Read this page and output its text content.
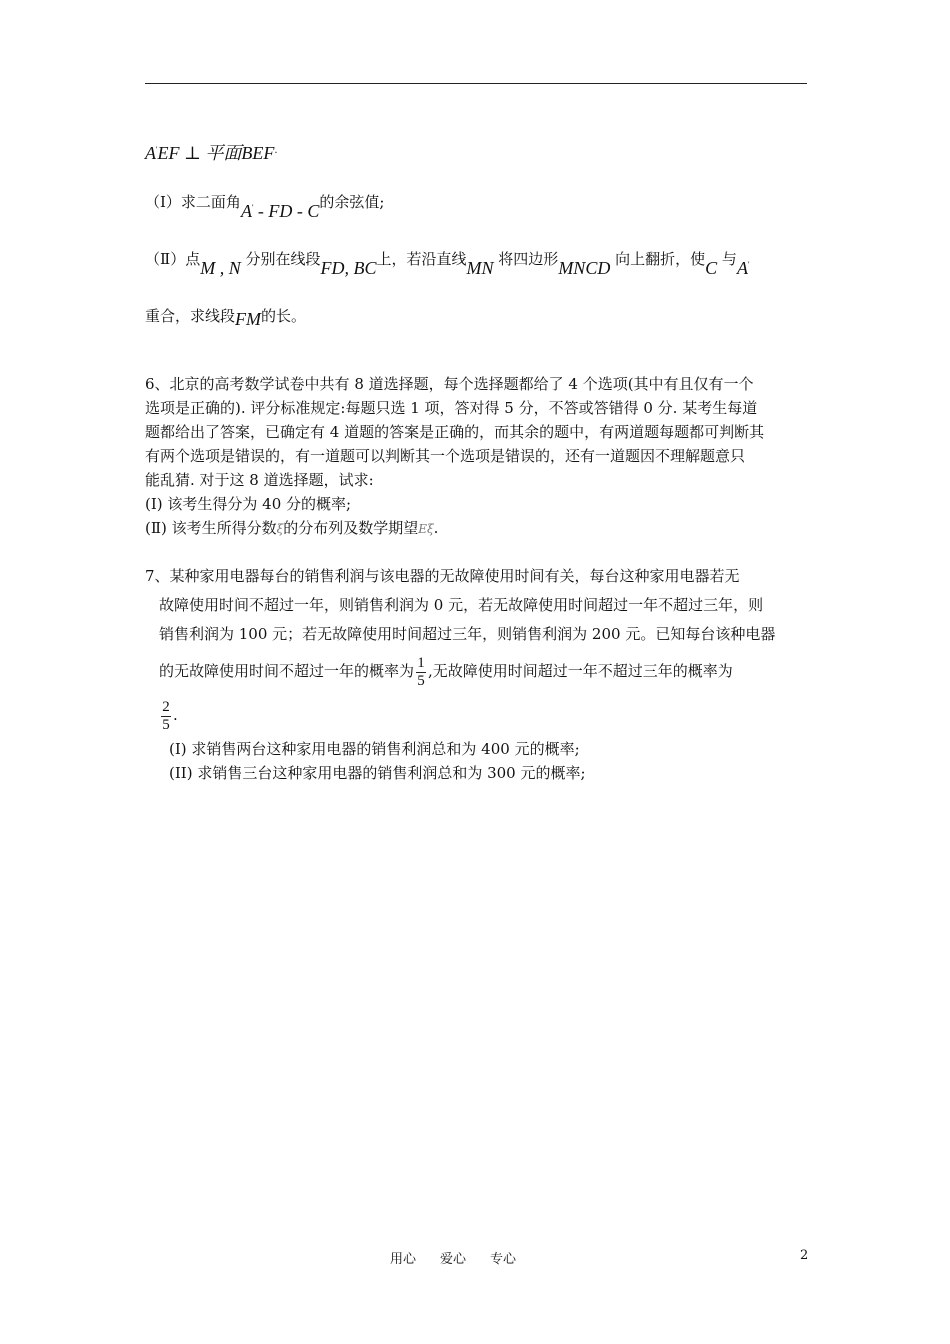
A'EF ⊥ 平面BEF.
（Ⅰ）求二面角A' - FD - C的余弦值;
（Ⅱ）点M , N 分别在线段FD, BC上，若沿直线MN 将四边形MNCD 向上翻折，使C 与A'
重合，求线段FM的长。

6、北京的高考数学试卷中共有 8 道选择题，每个选择题都给了 4 个选项(其中有且仅有一个

选项是正确的). 评分标准规定:每题只选 1 项，答对得 5 分，不答或答错得 0 分. 某考生每道

题都给出了答案，已确定有 4 道题的答案是正确的，而其余的题中，有两道题每题都可判断其

有两个选项是错误的，有一道题可以判断其一个选项是错误的，还有一道题因不理解题意只

能乱猜. 对于这 8 道选择题，试求:

(Ⅰ) 该考生得分为 40 分的概率;

(Ⅱ) 该考生所得分数ξ的分布列及数学期望Eξ.

7、某种家用电器每台的销售利润与该电器的无故障使用时间有关，每台这种家用电器若无

故障使用时间不超过一年，则销售利润为 0 元，若无故障使用时间超过一年不超过三年，则

销售利润为 100 元；若无故障使用时间超过三年，则销售利润为 200 元。已知每台该种电器

的无故障使用时间不超过一年的概率为 $\frac{1}{5}$ ,无故障使用时间超过一年不超过三年的概率为

$\frac{2}{5}$ .

(I) 求销售两台这种家用电器的销售利润总和为 400 元的概率;

(II) 求销售三台这种家用电器的销售利润总和为 300 元的概率;

用心 爱心 专心	2
